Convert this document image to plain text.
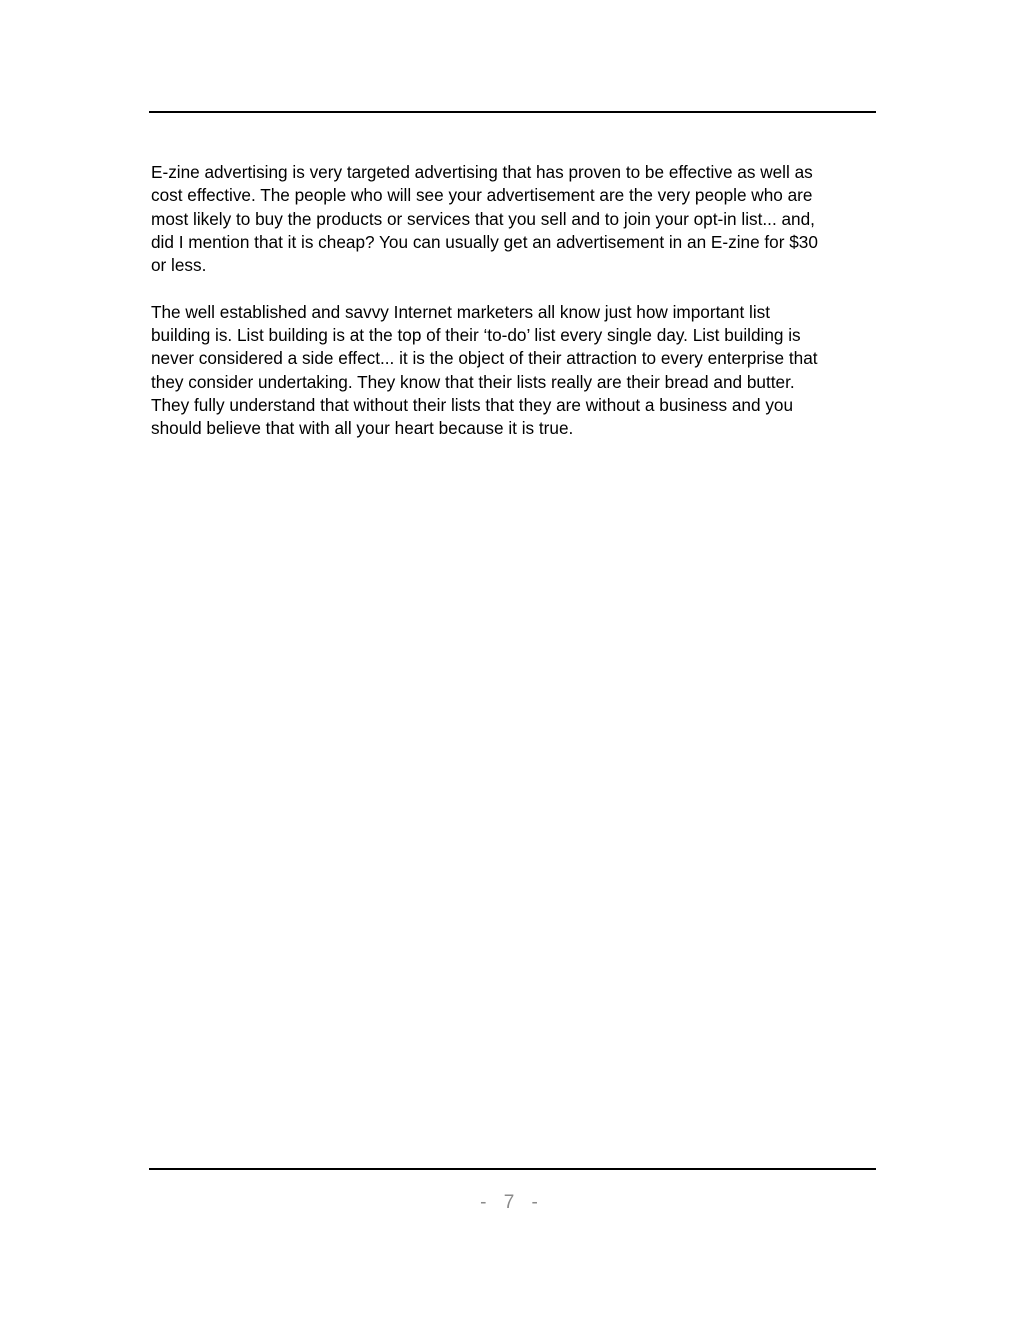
E-zine advertising is very targeted advertising that has proven to be effective as well as
cost effective. The people who will see your advertisement are the very people who are
most likely to buy the products or services that you sell and to join your opt-in list... and,
did I mention that it is cheap? You can usually get an advertisement in an E-zine for $30
or less.

The well established and savvy Internet marketers all know just how important list
building is. List building is at the top of their ‘to-do’ list every single day. List building is
never considered a side effect... it is the object of their attraction to every enterprise that
they consider undertaking. They know that their lists really are their bread and butter.
They fully understand that without their lists that they are without a business and you
should believe that with all your heart because it is true.

- 7 -
